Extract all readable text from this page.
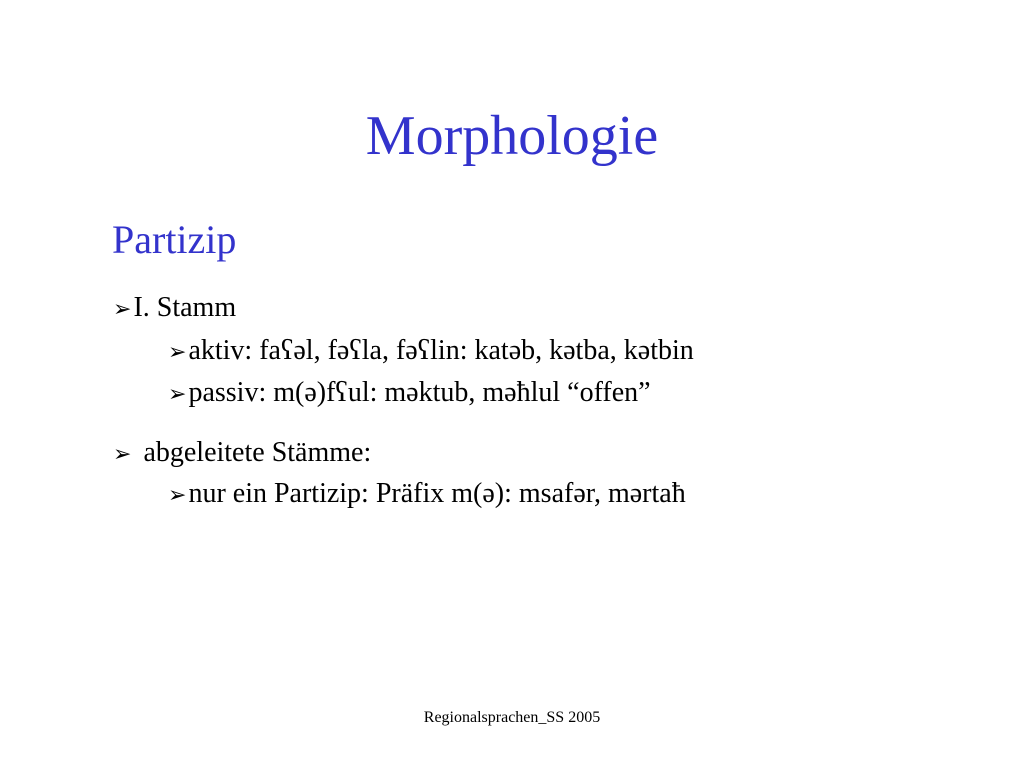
Morphologie
Partizip
➢ I. Stamm
➢ aktiv: faʕəl, fəʕla, fəʕlin: katəb, kətba, kətbin
➢ passiv: m(ə)fʕul: məktub, məħlul “offen”
➢ abgeleitete Stämme:
➢ nur ein Partizip: Präfix m(ə): msafər, mərtaħ
Regionalsprachen_SS 2005
